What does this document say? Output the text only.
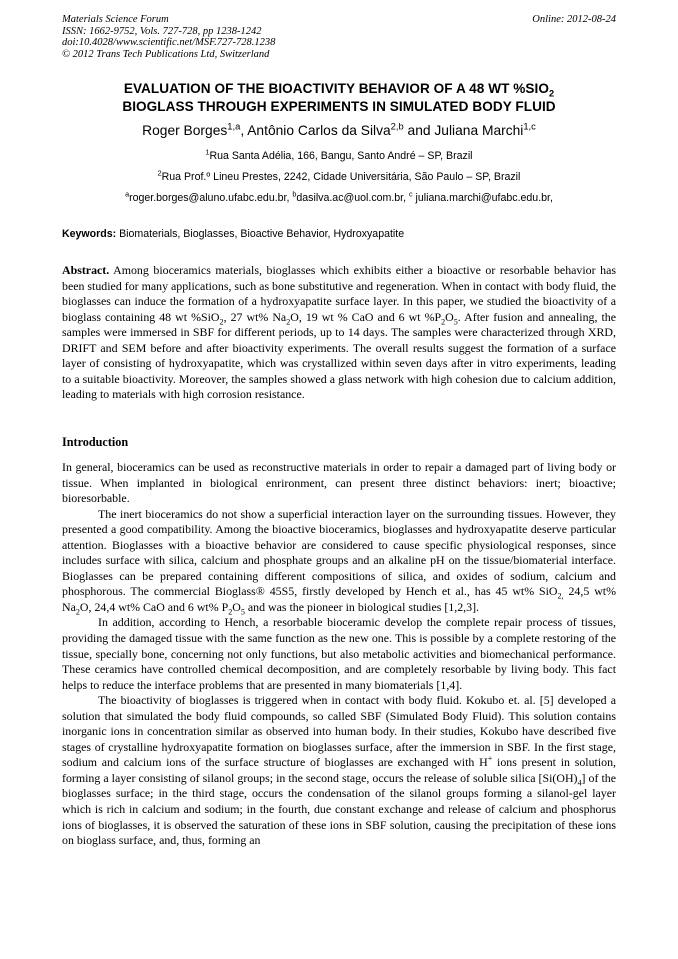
Materials Science Forum
ISSN: 1662-9752, Vols. 727-728, pp 1238-1242
doi:10.4028/www.scientific.net/MSF.727-728.1238
© 2012 Trans Tech Publications Ltd, Switzerland
Online: 2012-08-24
EVALUATION OF THE BIOACTIVITY BEHAVIOR OF A 48 WT $\%SIO_2$
BIOGLASS THROUGH EXPERIMENTS IN SIMULATED BODY FLUID
Roger Borges$^{1,a}$, Antônio Carlos da Silva$^{2,b}$ and Juliana Marchi$^{1,c}$
$^1$Rua Santa Adélia, 166, Bangu, Santo André – SP, Brazil
$^2$Rua Prof.º Lineu Prestes, 2242, Cidade Universitária, São Paulo – SP, Brazil
$^a$roger.borges@aluno.ufabc.edu.br, $^b$dasilva.ac@uol.com.br, $^c$ juliana.marchi@ufabc.edu.br,
Keywords: Biomaterials, Bioglasses, Bioactive Behavior, Hydroxyapatite

Abstract. Among bioceramics materials, bioglasses which exhibits either a bioactive or resorbable behavior has been studied for many applications, such as bone substitutive and regeneration. When in contact with body fluid, the bioglasses can induce the formation of a hydroxyapatite surface layer. In this paper, we studied the bioactivity of a bioglass containing 48 wt %SiO$_2$, 27 wt% $Na_2O$, 19 wt % CaO and 6 wt $\%P_2O_5$. After fusion and annealing, the samples were immersed in SBF for different periods, up to 14 days. The samples were characterized through XRD, DRIFT and SEM before and after bioactivity experiments. The overall results suggest the formation of a surface layer of consisting of hydroxyapatite, which was crystallized within seven days after in vitro experiments, leading to a suitable bioactivity. Moreover, the samples showed a glass network with high cohesion due to calcium addition, leading to materials with high corrosion resistance.

Introduction

In general, bioceramics can be used as reconstructive materials in order to repair a damaged part of living body or tissue. When implanted in biological enrironment, can present three distinct behaviors: inert; bioactive; bioresorbable.

The inert bioceramics do not show a superficial interaction layer on the surrounding tissues. However, they presented a good compatibility. Among the bioactive bioceramics, bioglasses and hydroxyapatite deserve particular attention. Bioglasses with a bioactive behavior are considered to cause specific physiological responses, since includes surface with silica, calcium and phosphate groups and an alkaline pH on the tissue/biomaterial interface. Bioglasses can be prepared containing different compositions of silica, and oxides of sodium, calcium and phosphorous. The commercial Bioglass® 45S5, firstly developed by Hench et al., has 45 wt% SiO$_{2,}$ 24,5 wt% $Na_2O$, 24,4 wt% CaO and 6 wt% $P_2O_5$ and was the pioneer in biological studies [1,2,3].

In addition, according to Hench, a resorbable bioceramic develop the complete repair process of tissues, providing the damaged tissue with the same function as the new one. This is possible by a complete restoring of the tissue, specially bone, concerning not only functions, but also metabolic activities and biomechanical performance. These ceramics have controlled chemical decomposition, and are completely resorbable by living body. This fact helps to reduce the interface problems that are presented in many biomaterials [1,4].

The bioactivity of bioglasses is triggered when in contact with body fluid. Kokubo et. al. [5] developed a solution that simulated the body fluid compounds, so called SBF (Simulated Body Fluid). This solution contains inorganic ions in concentration similar as observed into human body. In their studies, Kokubo have described five stages of crystalline hydroxyapatite formation on bioglasses surface, after the immersion in SBF. In the first stage, sodium and calcium ions of the surface structure of bioglasses are exchanged with H+ ions present in solution, forming a layer consisting of silanol groups; in the second stage, occurs the release of soluble silica $[Si(OH)_4]$ of the bioglasses surface; in the third stage, occurs the condensation of the silanol groups forming a silanol-gel layer which is rich in calcium and sodium; in the fourth, due constant exchange and release of calcium and phosphorus ions of bioglasses, it is observed the saturation of these ions in SBF solution, causing the precipitation of these ions on bioglass surface, and, thus, forming an
